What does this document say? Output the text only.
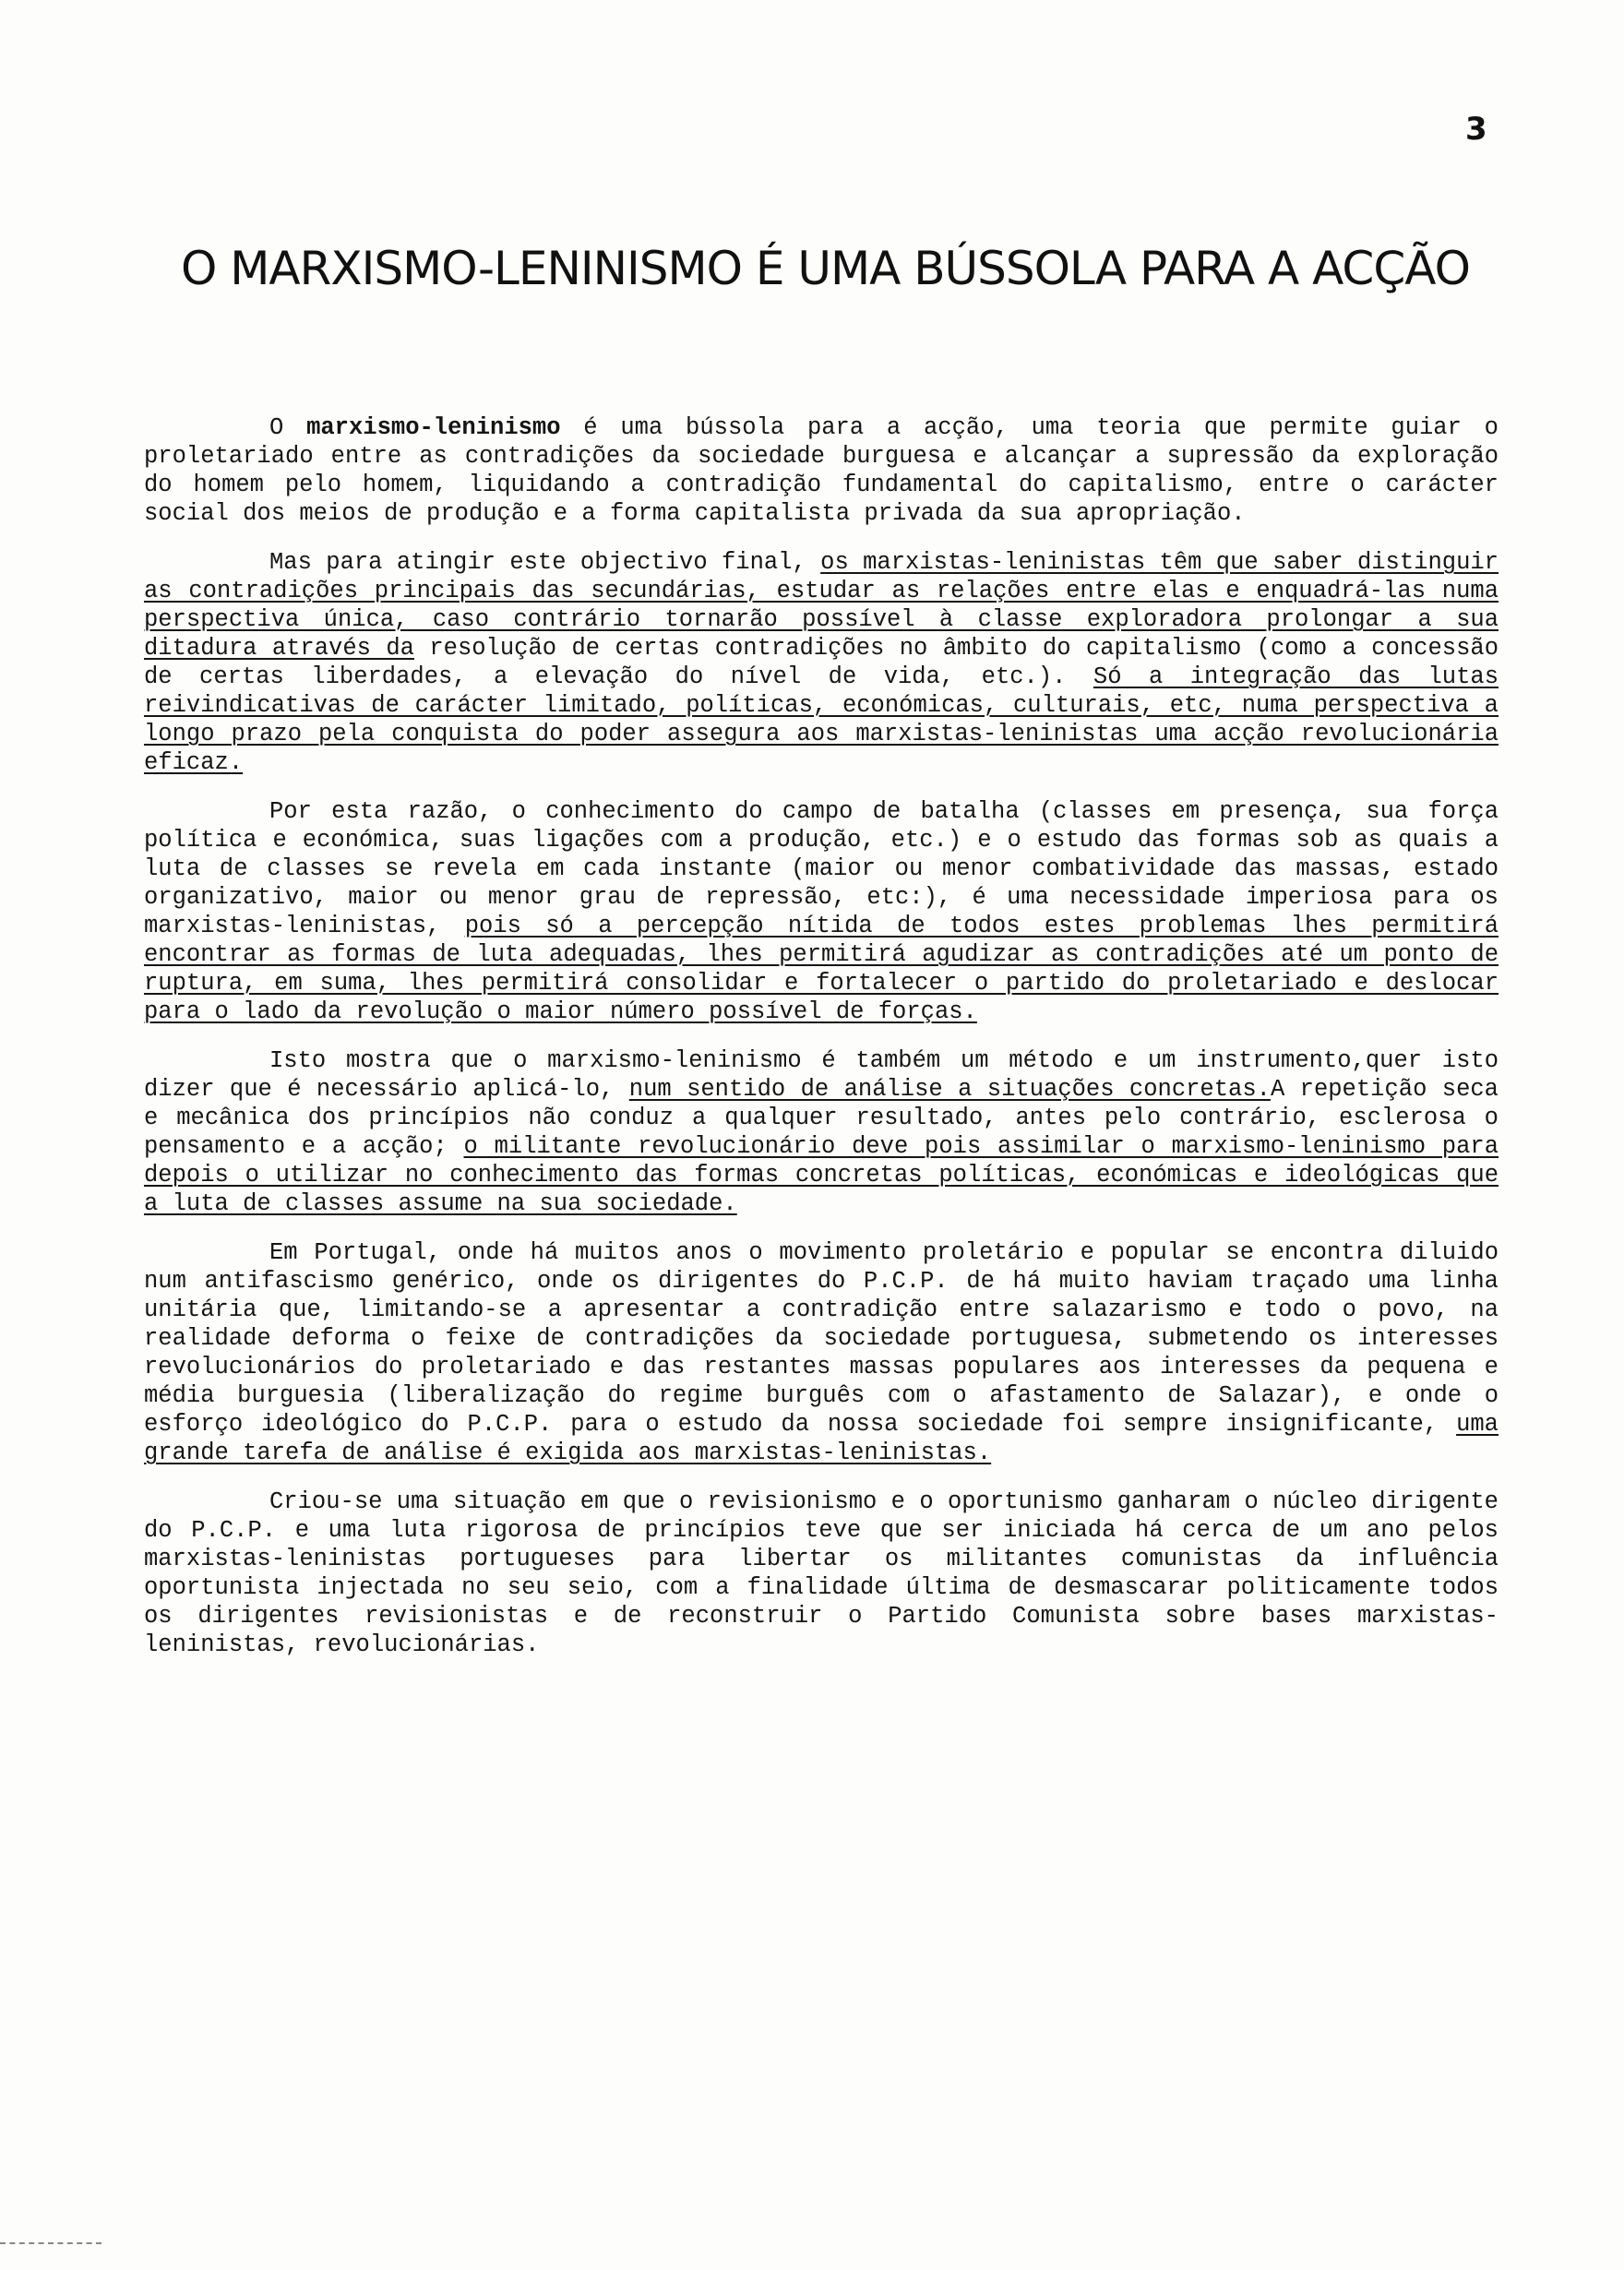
3
O MARXISMO-LENINISMO É UMA BÚSSOLA PARA A ACÇÃO

O marxismo-leninismo é uma bússola para a acção, uma teoria que permite guiar o proletariado entre as contradições da sociedade burguesa e alcançar a supressão da exploração do homem pelo homem, liquidando a contradição fundamental do capitalismo, entre o carácter social dos meios de produção e a forma capitalista privada da sua apropriação.

Mas para atingir este objectivo final, os marxistas-leninistas têm que saber distinguir as contradições principais das secundárias, estudar as relações entre elas e enquadrá-las numa perspectiva única, caso contrário tornarão possível à classe exploradora prolongar a sua ditadura através da resolução de certas contradições no âmbito do capitalismo (como a concessão de certas liberdades, a elevação do nível de vida, etc.). Só a integração das lutas reivindicativas de carácter limitado, políticas, económicas, culturais, etc, numa perspectiva a longo prazo pela conquista do poder assegura aos marxistas-leninistas uma acção revolucionária eficaz.

Por esta razão, o conhecimento do campo de batalha (classes em presença, sua força política e económica, suas ligações com a produção, etc.) e o estudo das formas sob as quais a luta de classes se revela em cada instante (maior ou menor combatividade das massas, estado organizativo, maior ou menor grau de repressão, etc:), é uma necessidade imperiosa para os marxistas-leninistas, pois só a percepção nítida de todos estes problemas lhes permitirá encontrar as formas de luta adequadas, lhes permitirá agudizar as contradições até um ponto de ruptura, em suma, lhes permitirá consolidar e fortalecer o partido do proletariado e deslocar para o lado da revolução o maior número possível de forças.

Isto mostra que o marxismo-leninismo é também um método e um instrumento,quer isto dizer que é necessário aplicá-lo, num sentido de análise a situações concretas.A repetição seca e mecânica dos princípios não conduz a qualquer resultado, antes pelo contrário, esclerosa o pensamento e a acção; o militante revolucionário deve pois assimilar o marxismo-leninismo para depois o utilizar no conhecimento das formas concretas políticas, económicas e ideológicas que a luta de classes assume na sua sociedade.

Em Portugal, onde há muitos anos o movimento proletário e popular se encontra diluido num antifascismo genérico, onde os dirigentes do P.C.P. de há muito haviam traçado uma linha unitária que, limitando-se a apresentar a contradição entre salazarismo e todo o povo, na realidade deforma o feixe de contradições da sociedade portuguesa, submetendo os interesses revolucionários do proletariado e das restantes massas populares aos interesses da pequena e média burguesia (liberalização do regime burguês com o afastamento de Salazar), e onde o esforço ideológico do P.C.P. para o estudo da nossa sociedade foi sempre insignificante, uma grande tarefa de análise é exigida aos marxistas-leninistas.

Criou-se uma situação em que o revisionismo e o oportunismo ganharam o núcleo dirigente do P.C.P. e uma luta rigorosa de princípios teve que ser iniciada há cerca de um ano pelos marxistas-leninistas portugueses para libertar os militantes comunistas da influência oportunista injectada no seu seio, com a finalidade última de desmascarar politicamente todos os dirigentes revisionistas e de reconstruir o Partido Comunista sobre bases marxistas-leninistas, revolucionárias.
